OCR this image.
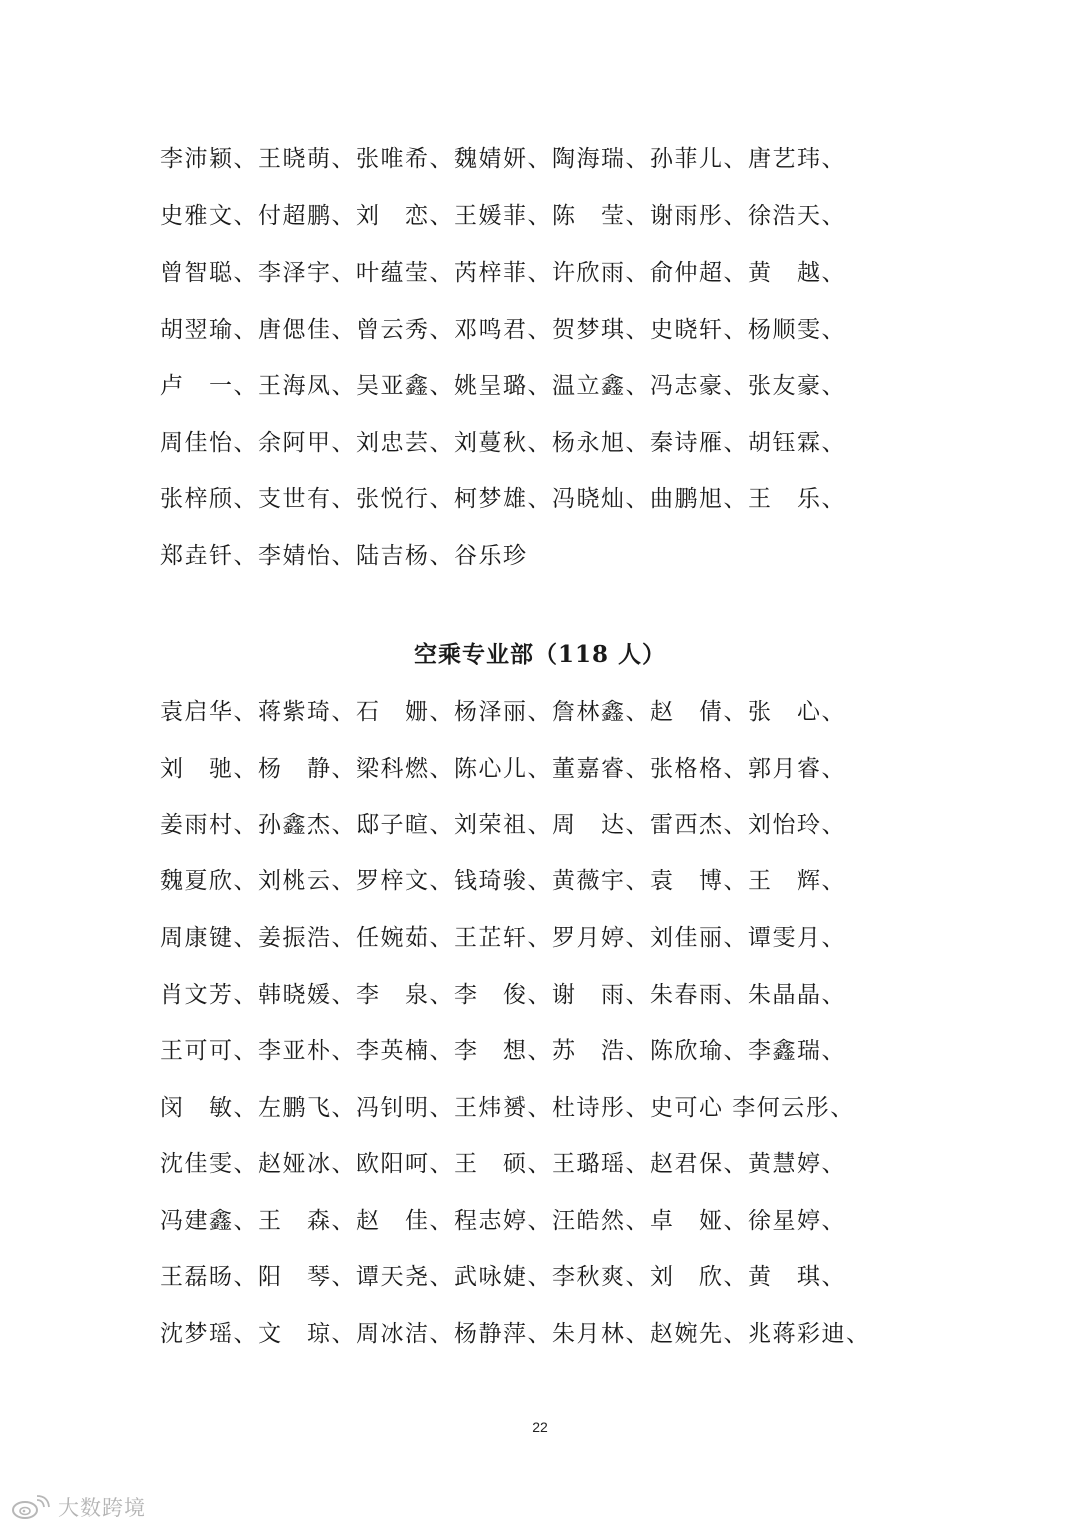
李沛颖、王晓萌、张唯希、魏婧妍、陶海瑞、孙菲儿、唐艺玮、
史雅文、付超鹏、刘　恋、王媛菲、陈　莹、谢雨彤、徐浩天、
曾智聪、李泽宇、叶蕴莹、芮梓菲、许欣雨、俞仲超、黄　越、
胡翌瑜、唐偲佳、曾云秀、邓鸣君、贺梦琪、史晓轩、杨顺雯、
卢　一、王海凤、吴亚鑫、姚呈璐、温立鑫、冯志豪、张友豪、
周佳怡、余阿甲、刘忠芸、刘蔓秋、杨永旭、秦诗雁、胡钰霖、
张梓颀、支世有、张悦行、柯梦雄、冯晓灿、曲鹏旭、王　乐、
郑垚钎、李婧怡、陆吉杨、谷乐珍
空乘专业部（118 人）
袁启华、蒋紫琦、石　姗、杨泽丽、詹林鑫、赵　倩、张　心、
刘　驰、杨　静、梁科燃、陈心儿、董嘉睿、张格格、郭月睿、
姜雨村、孙鑫杰、邸子暄、刘荣祖、周　达、雷西杰、刘怡玲、
魏夏欣、刘桃云、罗梓文、钱琦骏、黄薇宇、袁　博、王　辉、
周康键、姜振浩、任婉茹、王芷轩、罗月婷、刘佳丽、谭雯月、
肖文芳、韩晓媛、李　泉、李　俊、谢　雨、朱春雨、朱晶晶、
王可可、李亚朴、李英楠、李　想、苏　浩、陈欣瑜、李鑫瑞、
闵　敏、左鹏飞、冯钊明、王炜赟、杜诗彤、史可心 李何云彤、
沈佳雯、赵娅冰、欧阳呵、王　硕、王璐瑶、赵君保、黄慧婷、
冯建鑫、王　森、赵　佳、程志婷、汪皓然、卓　娅、徐星婷、
王磊旸、阳　琴、谭天尧、武咏婕、李秋爽、刘　欣、黄　琪、
沈梦瑶、文　琼、周冰洁、杨静萍、朱月林、赵婉先、兆蒋彩迪、
22
大数跨境
